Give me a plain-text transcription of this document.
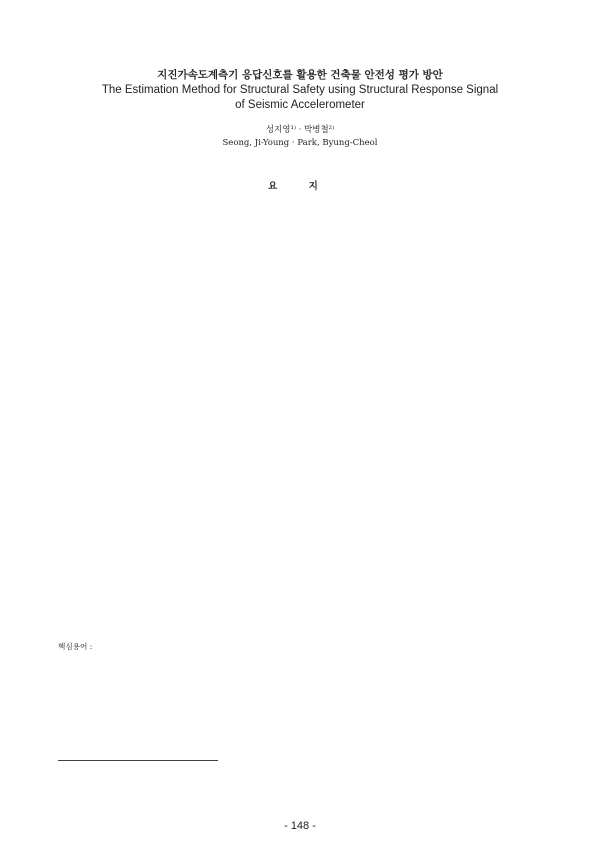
지진가속도계측기 응답신호를 활용한 건축물 안전성 평가 방안
The Estimation Method for Structural Safety using Structural Response Signal
of Seismic Accelerometer
성지영¹⁾ · 박병철²⁾
Seong, Ji-Young · Park, Byung-Cheol
요 지

핵심용어 :
- 148 -
